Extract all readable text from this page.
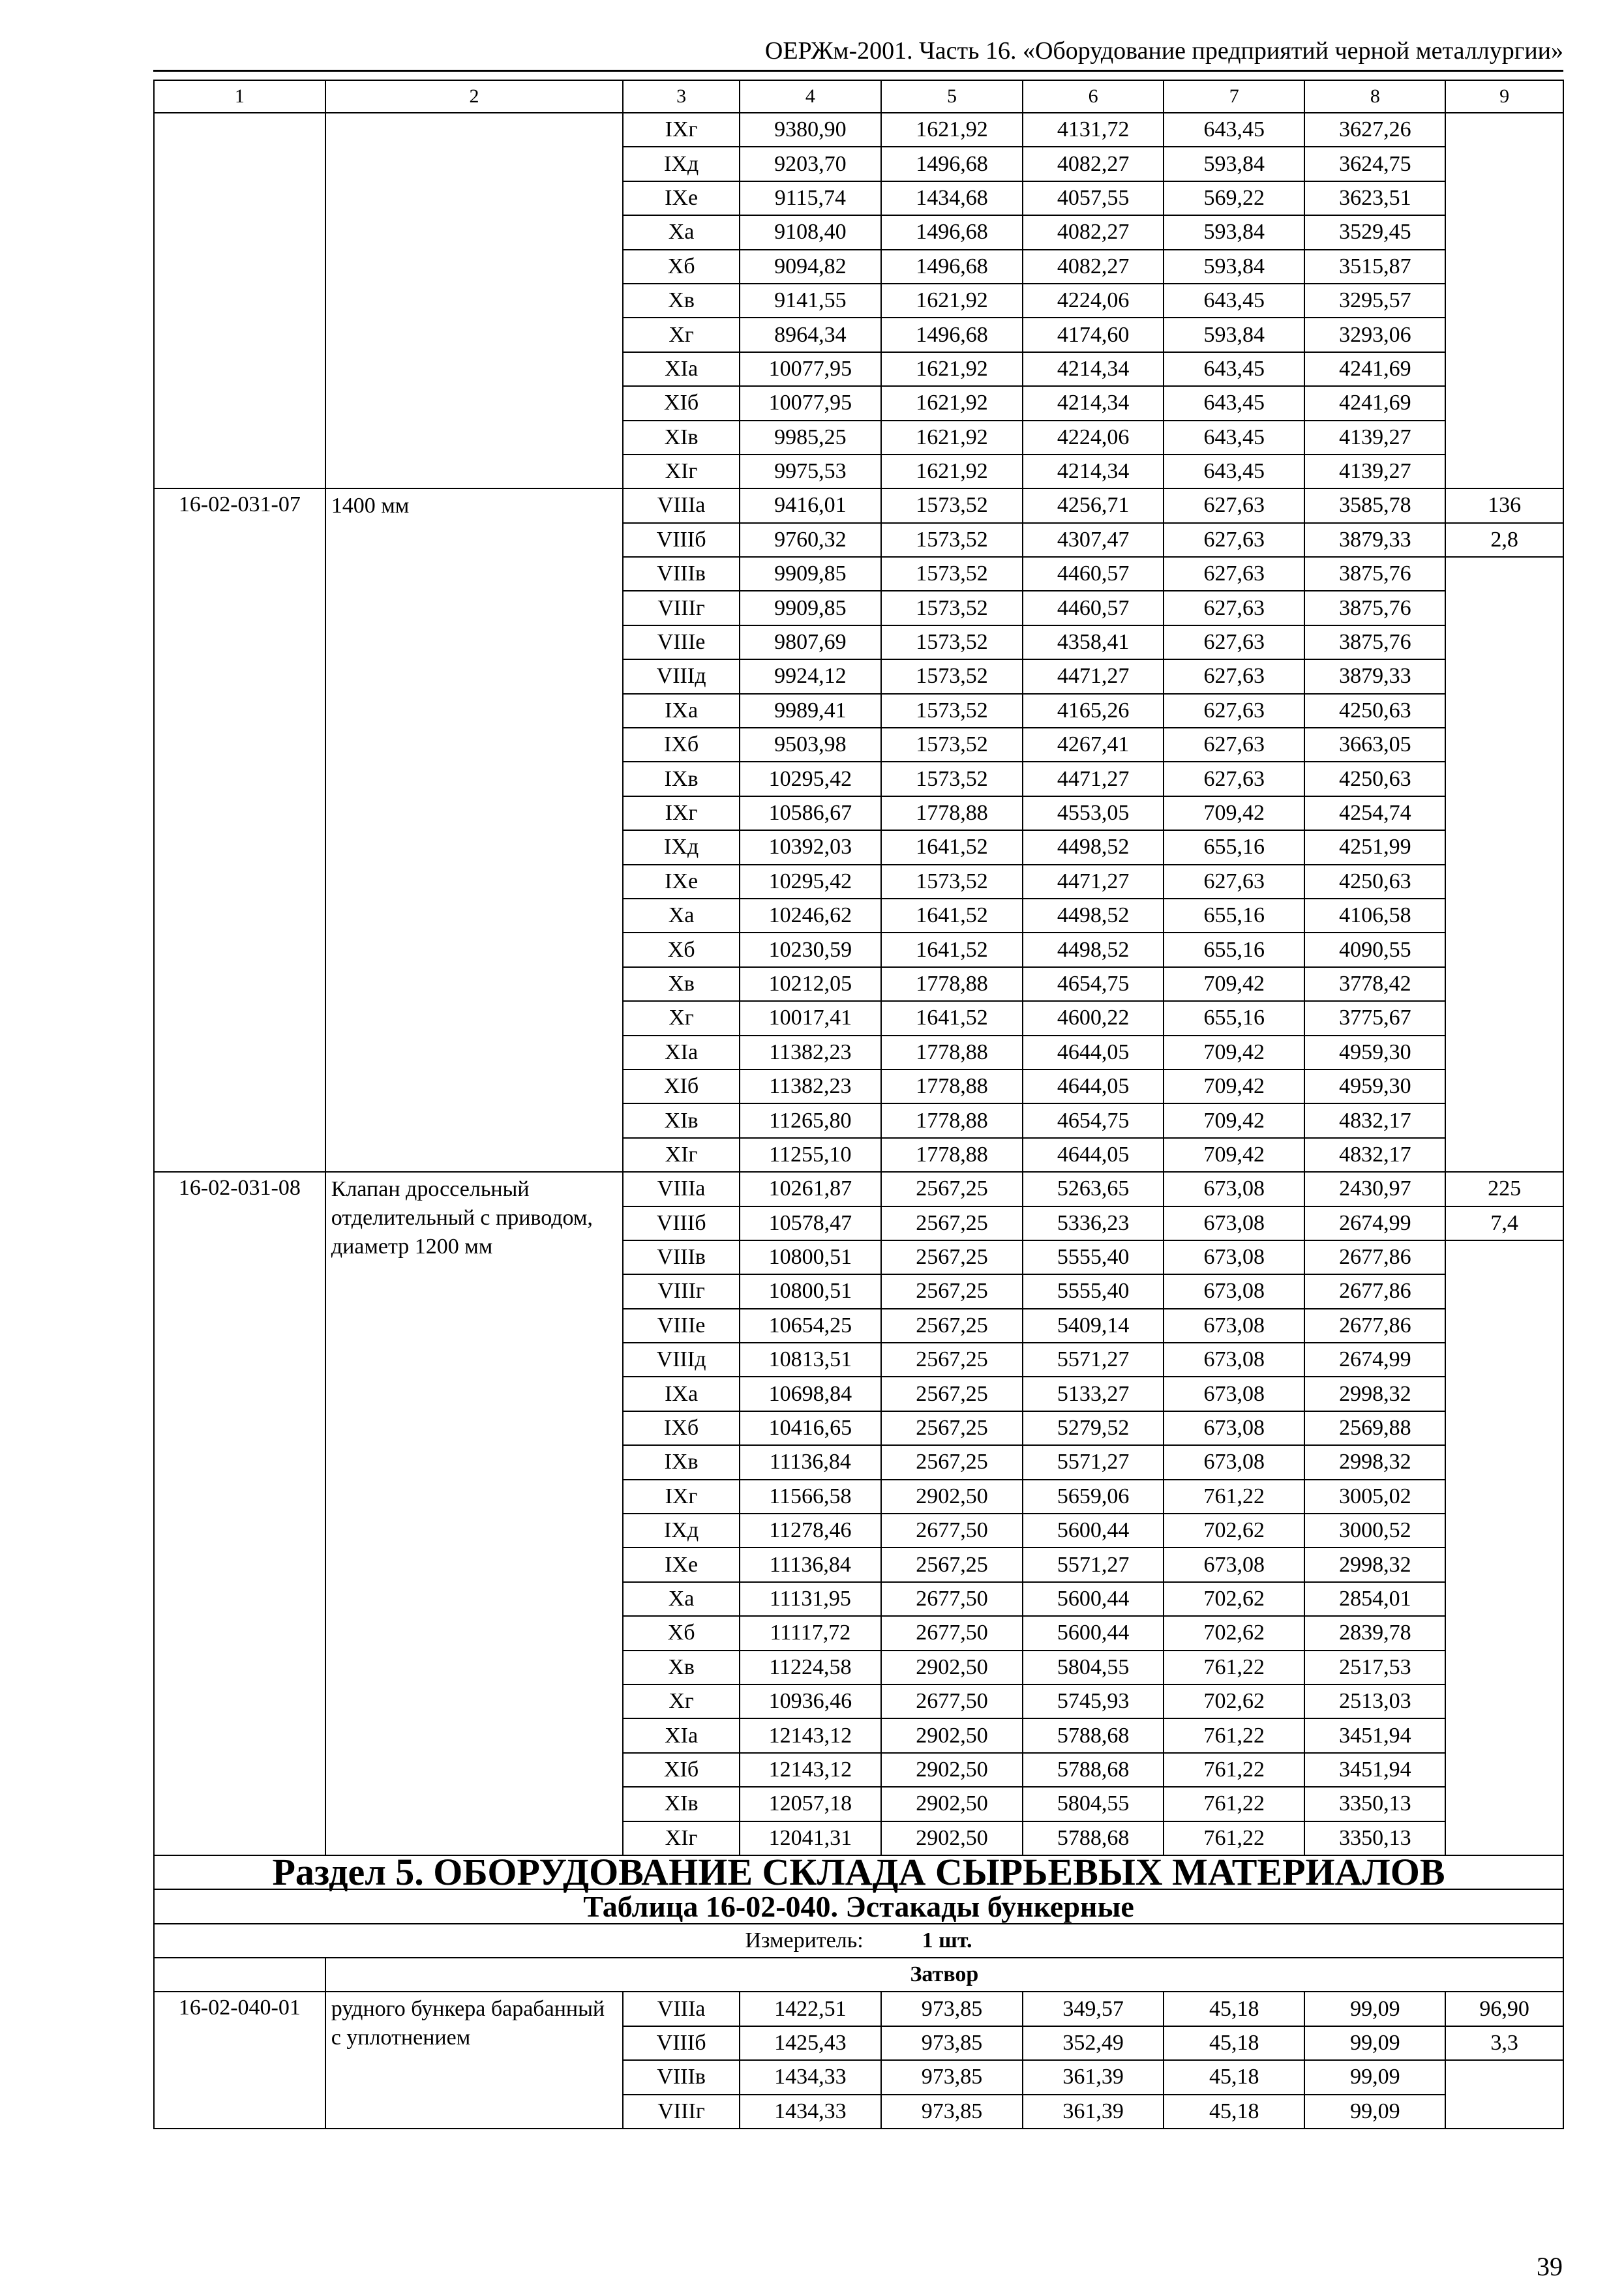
ОЕРЖм-2001. Часть 16. «Оборудование предприятий черной металлургии»
1	2	3	4	5	6	7	8	9
		IXг	9380,90	1621,92	4131,72	643,45	3627,26	
		IXд	9203,70	1496,68	4082,27	593,84	3624,75	
		IXе	9115,74	1434,68	4057,55	569,22	3623,51	
		Xа	9108,40	1496,68	4082,27	593,84	3529,45	
		Xб	9094,82	1496,68	4082,27	593,84	3515,87	
		Xв	9141,55	1621,92	4224,06	643,45	3295,57	
		Xг	8964,34	1496,68	4174,60	593,84	3293,06	
		XIа	10077,95	1621,92	4214,34	643,45	4241,69	
		XIб	10077,95	1621,92	4214,34	643,45	4241,69	
		XIв	9985,25	1621,92	4224,06	643,45	4139,27	
		XIг	9975,53	1621,92	4214,34	643,45	4139,27	
16-02-031-07	1400 мм	VIIIа	9416,01	1573,52	4256,71	627,63	3585,78	136
		VIIIб	9760,32	1573,52	4307,47	627,63	3879,33	2,8
		VIIIв	9909,85	1573,52	4460,57	627,63	3875,76	
		VIIIг	9909,85	1573,52	4460,57	627,63	3875,76	
		VIIIе	9807,69	1573,52	4358,41	627,63	3875,76	
		VIIIд	9924,12	1573,52	4471,27	627,63	3879,33	
		IXа	9989,41	1573,52	4165,26	627,63	4250,63	
		IXб	9503,98	1573,52	4267,41	627,63	3663,05	
		IXв	10295,42	1573,52	4471,27	627,63	4250,63	
		IXг	10586,67	1778,88	4553,05	709,42	4254,74	
		IXд	10392,03	1641,52	4498,52	655,16	4251,99	
		IXе	10295,42	1573,52	4471,27	627,63	4250,63	
		Xа	10246,62	1641,52	4498,52	655,16	4106,58	
		Xб	10230,59	1641,52	4498,52	655,16	4090,55	
		Xв	10212,05	1778,88	4654,75	709,42	3778,42	
		Xг	10017,41	1641,52	4600,22	655,16	3775,67	
		XIа	11382,23	1778,88	4644,05	709,42	4959,30	
		XIб	11382,23	1778,88	4644,05	709,42	4959,30	
		XIв	11265,80	1778,88	4654,75	709,42	4832,17	
		XIг	11255,10	1778,88	4644,05	709,42	4832,17	
16-02-031-08	Клапан дроссельный отделительный с приводом, диаметр 1200 мм	VIIIа	10261,87	2567,25	5263,65	673,08	2430,97	225
		VIIIб	10578,47	2567,25	5336,23	673,08	2674,99	7,4
		VIIIв	10800,51	2567,25	5555,40	673,08	2677,86	
		VIIIг	10800,51	2567,25	5555,40	673,08	2677,86	
		VIIIе	10654,25	2567,25	5409,14	673,08	2677,86	
		VIIIд	10813,51	2567,25	5571,27	673,08	2674,99	
		IXа	10698,84	2567,25	5133,27	673,08	2998,32	
		IXб	10416,65	2567,25	5279,52	673,08	2569,88	
		IXв	11136,84	2567,25	5571,27	673,08	2998,32	
		IXг	11566,58	2902,50	5659,06	761,22	3005,02	
		IXд	11278,46	2677,50	5600,44	702,62	3000,52	
		IXе	11136,84	2567,25	5571,27	673,08	2998,32	
		Xа	11131,95	2677,50	5600,44	702,62	2854,01	
		Xб	11117,72	2677,50	5600,44	702,62	2839,78	
		Xв	11224,58	2902,50	5804,55	761,22	2517,53	
		Xг	10936,46	2677,50	5745,93	702,62	2513,03	
		XIа	12143,12	2902,50	5788,68	761,22	3451,94	
		XIб	12143,12	2902,50	5788,68	761,22	3451,94	
		XIв	12057,18	2902,50	5804,55	761,22	3350,13	
		XIг	12041,31	2902,50	5788,68	761,22	3350,13	
Раздел 5. ОБОРУДОВАНИЕ СКЛАДА СЫРЬЕВЫХ МАТЕРИАЛОВ								
Таблица 16-02-040. Эстакады бункерные								
Измеритель: 1 шт.								
	Затвор							
16-02-040-01	рудного бункера барабанный с уплотнением	VIIIа	1422,51	973,85	349,57	45,18	99,09	96,90
		VIIIб	1425,43	973,85	352,49	45,18	99,09	3,3
		VIIIв	1434,33	973,85	361,39	45,18	99,09	
		VIIIг	1434,33	973,85	361,39	45,18	99,09	
39
